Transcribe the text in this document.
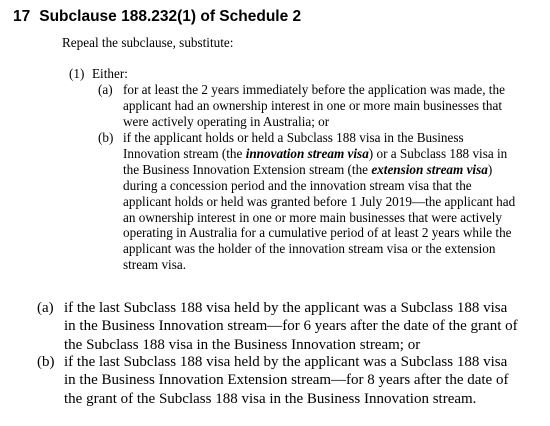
17 Subclause 188.232(1) of Schedule 2
Repeal the subclause, substitute:
(1) Either:
(a) for at least the 2 years immediately before the application was made, the
applicant had an ownership interest in one or more main businesses that
were actively operating in Australia; or
(b) if the applicant holds or held a Subclass 188 visa in the Business
Innovation stream (the innovation stream visa) or a Subclass 188 visa in
the Business Innovation Extension stream (the extension stream visa)
during a concession period and the innovation stream visa that the
applicant holds or held was granted before 1 July 2019—the applicant had
an ownership interest in one or more main businesses that were actively
operating in Australia for a cumulative period of at least 2 years while the
applicant was the holder of the innovation stream visa or the extension
stream visa.
(a) if the last Subclass 188 visa held by the applicant was a Subclass 188 visa
in the Business Innovation stream—for 6 years after the date of the grant of
the Subclass 188 visa in the Business Innovation stream; or
(b) if the last Subclass 188 visa held by the applicant was a Subclass 188 visa
in the Business Innovation Extension stream—for 8 years after the date of
the grant of the Subclass 188 visa in the Business Innovation stream.
